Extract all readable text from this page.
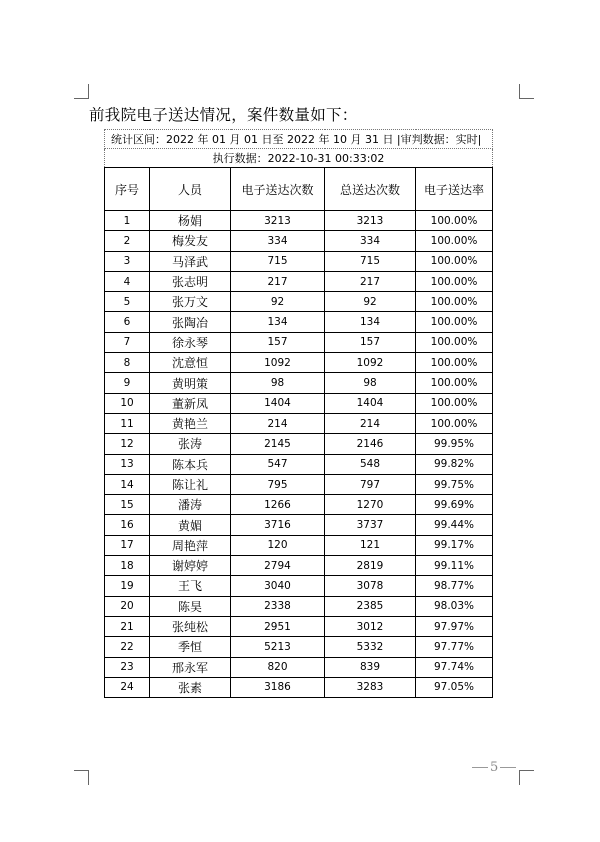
前我院电子送达情况，案件数量如下：
统计区间：2022 年 01 月 01 日至 2022 年 10 月 31 日 |审判数据：实时|				
执行数据：2022-10-31 00:33:02				
序号	人员	电子送达次数	总送达次数	电子送达率
1	杨娟	3213	3213	100.00%
2	梅发友	334	334	100.00%
3	马泽武	715	715	100.00%
4	张志明	217	217	100.00%
5	张万文	92	92	100.00%
6	张陶冶	134	134	100.00%
7	徐永琴	157	157	100.00%
8	沈意恒	1092	1092	100.00%
9	黄明策	98	98	100.00%
10	董新凤	1404	1404	100.00%
11	黄艳兰	214	214	100.00%
12	张涛	2145	2146	99.95%
13	陈本兵	547	548	99.82%
14	陈让礼	795	797	99.75%
15	潘涛	1266	1270	99.69%
16	黄媚	3716	3737	99.44%
17	周艳萍	120	121	99.17%
18	谢婷婷	2794	2819	99.11%
19	王飞	3040	3078	98.77%
20	陈昊	2338	2385	98.03%
21	张纯松	2951	3012	97.97%
22	季恒	5213	5332	97.77%
23	邢永军	820	839	97.74%
24	张素	3186	3283	97.05%
5
